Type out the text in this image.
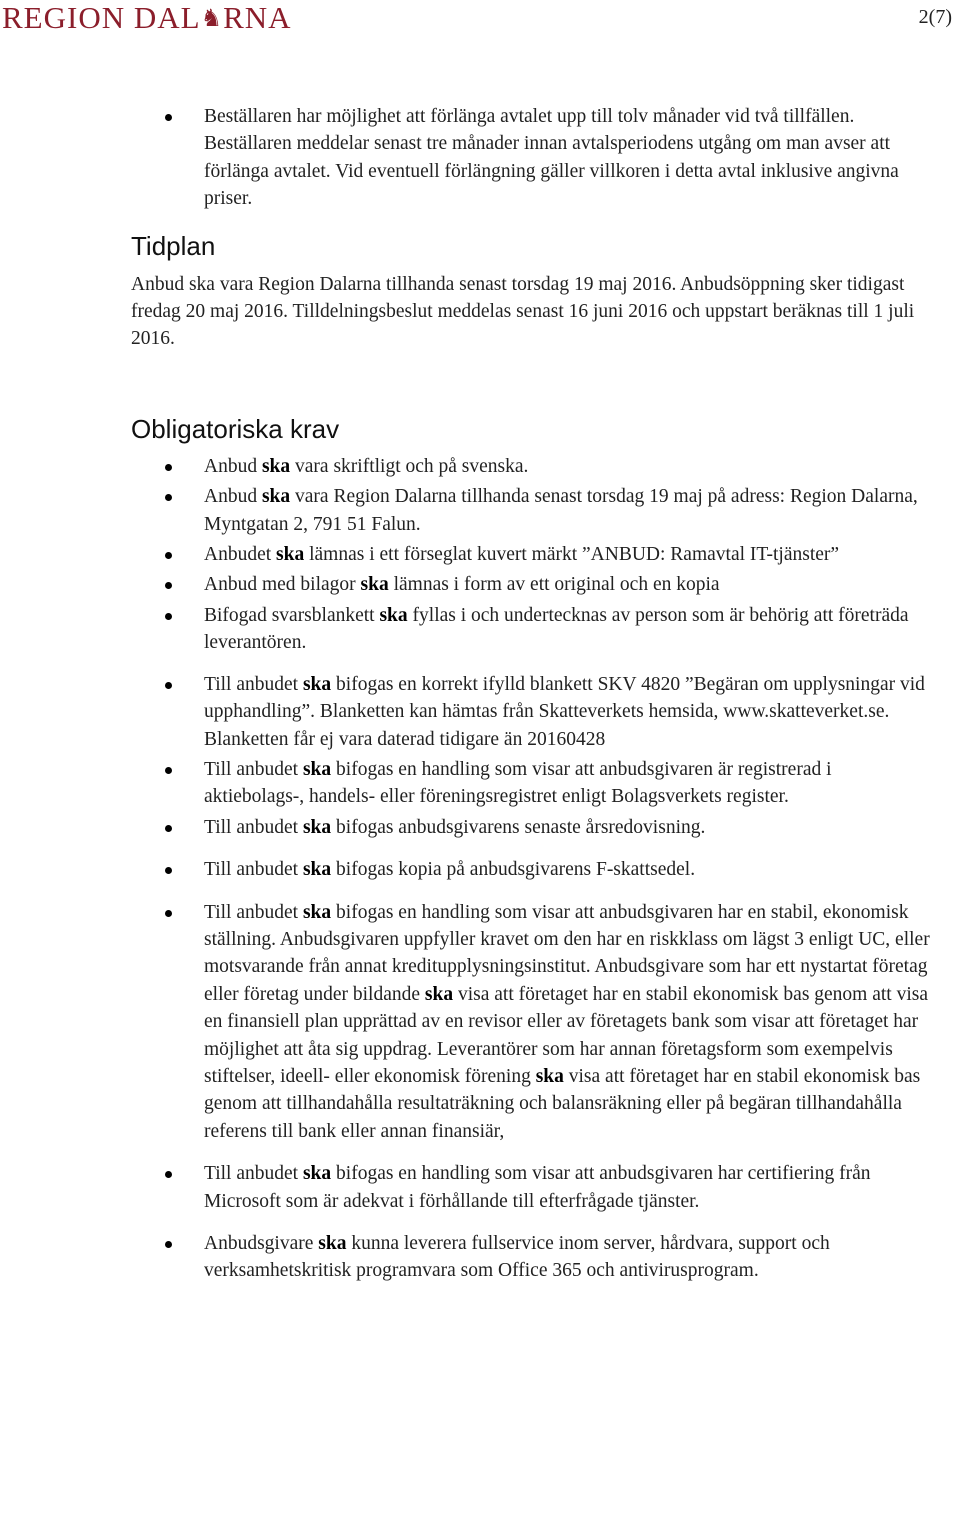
REGION DAL♞RNA	2(7)
Beställaren har möjlighet att förlänga avtalet upp till tolv månader vid två tillfällen. Beställaren meddelar senast tre månader innan avtalsperiodens utgång om man avser att förlänga avtalet. Vid eventuell förlängning gäller villkoren i detta avtal inklusive angivna priser.
Tidplan

Anbud ska vara Region Dalarna tillhanda senast torsdag 19 maj 2016. Anbudsöppning sker tidigast fredag 20 maj 2016. Tilldelningsbeslut meddelas senast 16 juni 2016 och uppstart beräknas till 1 juli 2016.

Obligatoriska krav
Anbud ska vara skriftligt och på svenska.
Anbud ska vara Region Dalarna tillhanda senast torsdag 19 maj på adress: Region Dalarna, Myntgatan 2, 791 51 Falun.
Anbudet ska lämnas i ett förseglat kuvert märkt ”ANBUD: Ramavtal IT-tjänster”
Anbud med bilagor ska lämnas i form av ett original och en kopia
Bifogad svarsblankett ska fyllas i och undertecknas av person som är behörig att företräda leverantören.
Till anbudet ska bifogas en korrekt ifylld blankett SKV 4820 ”Begäran om upplysningar vid upphandling”. Blanketten kan hämtas från Skatteverkets hemsida, www.skatteverket.se. Blanketten får ej vara daterad tidigare än 20160428
Till anbudet ska bifogas en handling som visar att anbudsgivaren är registrerad i aktiebolags-, handels- eller föreningsregistret enligt Bolagsverkets register.
Till anbudet ska bifogas anbudsgivarens senaste årsredovisning.
Till anbudet ska bifogas kopia på anbudsgivarens F-skattsedel.
Till anbudet ska bifogas en handling som visar att anbudsgivaren har en stabil, ekonomisk ställning. Anbudsgivaren uppfyller kravet om den har en riskklass om lägst 3 enligt UC, eller motsvarande från annat kreditupplysningsinstitut. Anbudsgivare som har ett nystartat företag eller företag under bildande ska visa att företaget har en stabil ekonomisk bas genom att visa en finansiell plan upprättad av en revisor eller av företagets bank som visar att företaget har möjlighet att åta sig uppdrag. Leverantörer som har annan företagsform som exempelvis stiftelser, ideell- eller ekonomisk förening ska visa att företaget har en stabil ekonomisk bas genom att tillhandahålla resultaträkning och balansräkning eller på begäran tillhandahålla referens till bank eller annan finansiär,
Till anbudet ska bifogas en handling som visar att anbudsgivaren har certifiering från Microsoft som är adekvat i förhållande till efterfrågade tjänster.
Anbudsgivare ska kunna leverera fullservice inom server, hårdvara, support och verksamhetskritisk programvara som Office 365 och antivirusprogram.
